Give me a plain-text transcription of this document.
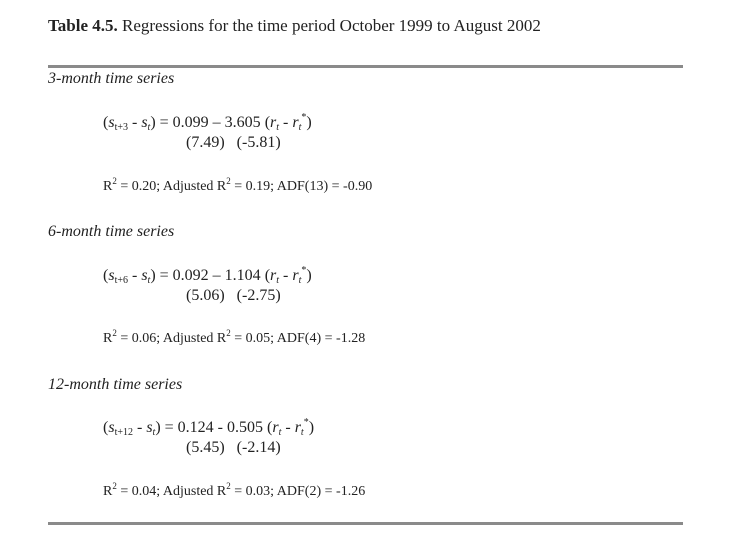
Table 4.5. Regressions for the time period October 1999 to August 2002
3-month time series
$(s_{t+3} - s_t) = 0.099 - 3.605$ $(r_t - r_t^*)$
(7.49) (-5.81)
$R^2 = 0.20$; Adjusted $R^2 = 0.19$; ADF(13) = -0.90
6-month time series
$(s_{t+6} - s_t) = 0.092 - 1.104$ $(r_t - r_t^*)$
(5.06) (-2.75)
$R^2 = 0.06$; Adjusted $R^2 = 0.05$; ADF(4) = -1.28
12-month time series
$(s_{t+12} - s_t) = 0.124 - 0.505$ $(r_t - r_t^*)$
(5.45) (-2.14)
$R^2 = 0.04$; Adjusted $R^2 = 0.03$; ADF(2) = -1.26
